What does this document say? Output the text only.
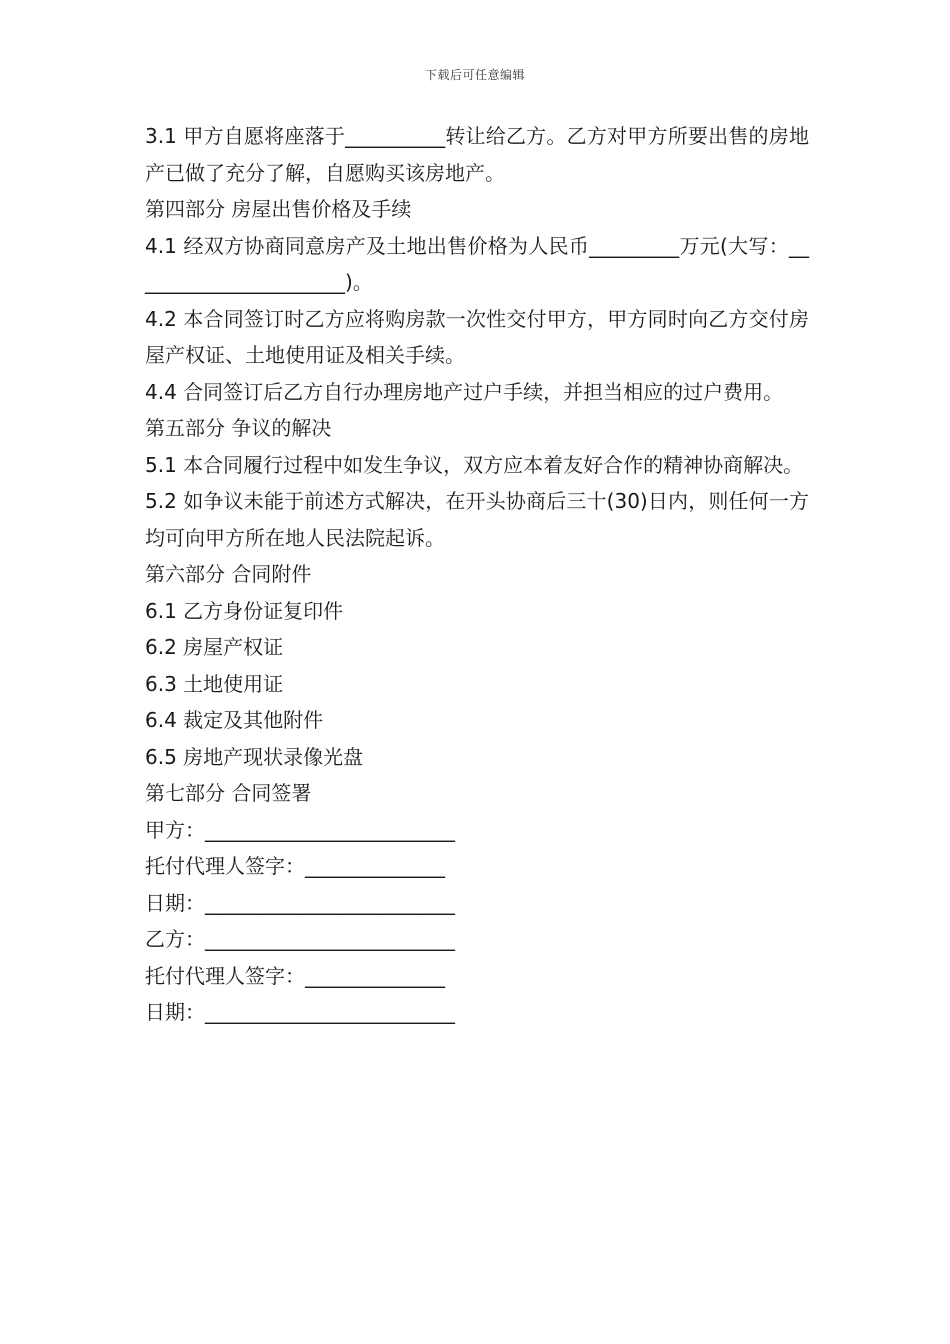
下载后可任意编辑

3.1 甲方自愿将座落于__________转让给乙方。乙方对甲方所要出售的房地产已做了充分了解，自愿购买该房地产。

第四部分 房屋出售价格及手续

4.1 经双方协商同意房产及土地出售价格为人民币_________万元(大写：______________________)。

4.2 本合同签订时乙方应将购房款一次性交付甲方，甲方同时向乙方交付房屋产权证、土地使用证及相关手续。

4.4 合同签订后乙方自行办理房地产过户手续，并担当相应的过户费用。

第五部分 争议的解决

5.1 本合同履行过程中如发生争议，双方应本着友好合作的精神协商解决。

5.2 如争议未能于前述方式解决，在开头协商后三十(30)日内，则任何一方均可向甲方所在地人民法院起诉。

第六部分 合同附件

6.1 乙方身份证复印件

6.2 房屋产权证

6.3 土地使用证

6.4 裁定及其他附件

6.5 房地产现状录像光盘

第七部分 合同签署

甲方：_________________________

托付代理人签字：______________

日期：_________________________

乙方：_________________________

托付代理人签字：______________

日期：_________________________
